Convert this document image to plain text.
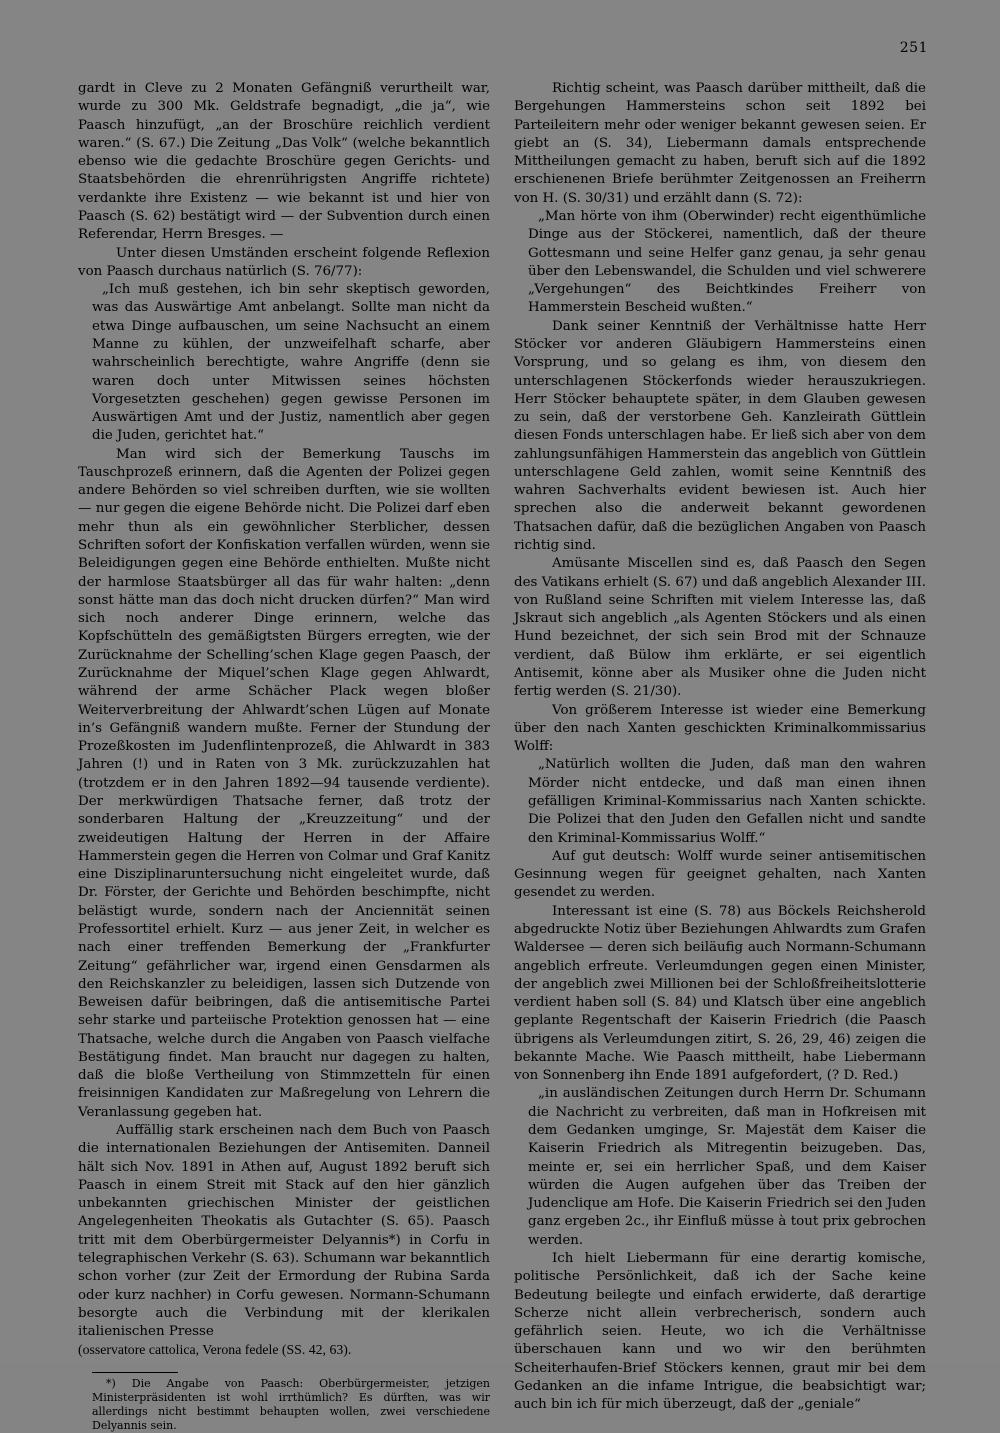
251

gardt in Cleve zu 2 Monaten Gefängniß verurtheilt war, wurde zu 300 Mk. Geldstrafe begnadigt, „die ja“, wie Paasch hinzufügt, „an der Broschüre reichlich verdient waren.“ (S. 67.) Die Zeitung „Das Volk“ (welche bekanntlich ebenso wie die gedachte Broschüre gegen Gerichts- und Staatsbehörden die ehrenrührigsten Angriffe richtete) verdankte ihre Existenz — wie bekannt ist und hier von Paasch (S. 62) bestätigt wird — der Subvention durch einen Referendar, Herrn Bresges. —

Unter diesen Umständen erscheint folgende Reflexion von Paasch durchaus natürlich (S. 76/77):

„Ich muß gestehen, ich bin sehr skeptisch geworden, was das Auswärtige Amt anbelangt. Sollte man nicht da etwa Dinge aufbauschen, um seine Nachsucht an einem Manne zu kühlen, der unzweifelhaft scharfe, aber wahrscheinlich berechtigte, wahre Angriffe (denn sie waren doch unter Mitwissen seines höchsten Vorgesetzten geschehen) gegen gewisse Personen im Auswärtigen Amt und der Justiz, namentlich aber gegen die Juden, gerichtet hat.“

Man wird sich der Bemerkung Tauschs im Tauschprozeß erinnern, daß die Agenten der Polizei gegen andere Behörden so viel schreiben durften, wie sie wollten — nur gegen die eigene Behörde nicht. Die Polizei darf eben mehr thun als ein gewöhnlicher Sterblicher, dessen Schriften sofort der Konfiskation verfallen würden, wenn sie Beleidigungen gegen eine Behörde enthielten. Mußte nicht der harmlose Staatsbürger all das für wahr halten: „denn sonst hätte man das doch nicht drucken dürfen?“ Man wird sich noch anderer Dinge erinnern, welche das Kopfschütteln des gemäßigtsten Bürgers erregten, wie der Zurücknahme der Schelling’schen Klage gegen Paasch, der Zurücknahme der Miquel’schen Klage gegen Ahlwardt, während der arme Schächer Plack wegen bloßer Weiterverbreitung der Ahlwardt’schen Lügen auf Monate in’s Gefängniß wandern mußte. Ferner der Stundung der Prozeßkosten im Judenflintenprozeß, die Ahlwardt in 383 Jahren (!) und in Raten von 3 Mk. zurückzuzahlen hat (trotzdem er in den Jahren 1892—94 tausende verdiente). Der merkwürdigen Thatsache ferner, daß trotz der sonderbaren Haltung der „Kreuzzeitung“ und der zweideutigen Haltung der Herren in der Affaire Hammerstein gegen die Herren von Colmar und Graf Kanitz eine Disziplinaruntersuchung nicht eingeleitet wurde, daß Dr. Förster, der Gerichte und Behörden beschimpfte, nicht belästigt wurde, sondern nach der Anciennität seinen Professortitel erhielt. Kurz — aus jener Zeit, in welcher es nach einer treffenden Bemerkung der „Frankfurter Zeitung“ gefährlicher war, irgend einen Gensdarmen als den Reichskanzler zu beleidigen, lassen sich Dutzende von Beweisen dafür beibringen, daß die antisemitische Partei sehr starke und parteiische Protektion genossen hat — eine Thatsache, welche durch die Angaben von Paasch vielfache Bestätigung findet. Man braucht nur dagegen zu halten, daß die bloße Vertheilung von Stimmzetteln für einen freisinnigen Kandidaten zur Maßregelung von Lehrern die Veranlassung gegeben hat.

Auffällig stark erscheinen nach dem Buch von Paasch die internationalen Beziehungen der Antisemiten. Danneil hält sich Nov. 1891 in Athen auf, August 1892 beruft sich Paasch in einem Streit mit Stack auf den hier gänzlich unbekannten griechischen Minister der geistlichen Angelegenheiten Theokatis als Gutachter (S. 65). Paasch tritt mit dem Oberbürgermeister Delyannis*) in Corfu in telegraphischen Verkehr (S. 63). Schumann war bekanntlich schon vorher (zur Zeit der Ermordung der Rubina Sarda oder kurz nachher) in Corfu gewesen. Normann-Schumann besorgte auch die Verbindung mit der klerikalen italienischen Presse

(osservatore cattolica, Verona fedele (SS. 42, 63).

*) Die Angabe von Paasch: Oberbürgermeister, jetzigen Ministerpräsidenten ist wohl irrthümlich? Es dürften, was wir allerdings nicht bestimmt behaupten wollen, zwei verschiedene Delyannis sein.

Richtig scheint, was Paasch darüber mittheilt, daß die Bergehungen Hammersteins schon seit 1892 bei Parteileitern mehr oder weniger bekannt gewesen seien. Er giebt an (S. 34), Liebermann damals entsprechende Mittheilungen gemacht zu haben, beruft sich auf die 1892 erschienenen Briefe berühmter Zeitgenossen an Freiherrn von H. (S. 30/31) und erzählt dann (S. 72):

„Man hörte von ihm (Oberwinder) recht eigenthümliche Dinge aus der Stöckerei, namentlich, daß der theure Gottesmann und seine Helfer ganz genau, ja sehr genau über den Lebenswandel, die Schulden und viel schwerere „Vergehungen“ des Beichtkindes Freiherr von Hammerstein Bescheid wußten.“

Dank seiner Kenntniß der Verhältnisse hatte Herr Stöcker vor anderen Gläubigern Hammersteins einen Vorsprung, und so gelang es ihm, von diesem den unterschlagenen Stöckerfonds wieder herauszukriegen. Herr Stöcker behauptete später, in dem Glauben gewesen zu sein, daß der verstorbene Geh. Kanzleirath Güttlein diesen Fonds unterschlagen habe. Er ließ sich aber von dem zahlungsunfähigen Hammerstein das angeblich von Güttlein unterschlagene Geld zahlen, womit seine Kenntniß des wahren Sachverhalts evident bewiesen ist. Auch hier sprechen also die anderweit bekannt gewordenen Thatsachen dafür, daß die bezüglichen Angaben von Paasch richtig sind.

Amüsante Miscellen sind es, daß Paasch den Segen des Vatikans erhielt (S. 67) und daß angeblich Alexander III. von Rußland seine Schriften mit vielem Interesse las, daß Jskraut sich angeblich „als Agenten Stöckers und als einen Hund bezeichnet, der sich sein Brod mit der Schnauze verdient, daß Bülow ihm erklärte, er sei eigentlich Antisemit, könne aber als Musiker ohne die Juden nicht fertig werden (S. 21/30).

Von größerem Interesse ist wieder eine Bemerkung über den nach Xanten geschickten Kriminalkommissarius Wolff:

„Natürlich wollten die Juden, daß man den wahren Mörder nicht entdecke, und daß man einen ihnen gefälligen Kriminal-Kommissarius nach Xanten schickte. Die Polizei that den Juden den Gefallen nicht und sandte den Kriminal-Kommissarius Wolff.“

Auf gut deutsch: Wolff wurde seiner antisemitischen Gesinnung wegen für geeignet gehalten, nach Xanten gesendet zu werden.

Interessant ist eine (S. 78) aus Böckels Reichsherold abgedruckte Notiz über Beziehungen Ahlwardts zum Grafen Waldersee — deren sich beiläufig auch Normann-Schumann angeblich erfreute. Verleumdungen gegen einen Minister, der angeblich zwei Millionen bei der Schloßfreiheitslotterie verdient haben soll (S. 84) und Klatsch über eine angeblich geplante Regentschaft der Kaiserin Friedrich (die Paasch übrigens als Verleumdungen zitirt, S. 26, 29, 46) zeigen die bekannte Mache. Wie Paasch mittheilt, habe Liebermann von Sonnenberg ihn Ende 1891 aufgefordert, (? D. Red.)

„in ausländischen Zeitungen durch Herrn Dr. Schumann die Nachricht zu verbreiten, daß man in Hofkreisen mit dem Gedanken umginge, Sr. Majestät dem Kaiser die Kaiserin Friedrich als Mitregentin beizugeben. Das, meinte er, sei ein herrlicher Spaß, und dem Kaiser würden die Augen aufgehen über das Treiben der Judenclique am Hofe. Die Kaiserin Friedrich sei den Juden ganz ergeben 2c., ihr Einfluß müsse à tout prix gebrochen werden.

Ich hielt Liebermann für eine derartig komische, politische Persönlichkeit, daß ich der Sache keine Bedeutung beilegte und einfach erwiderte, daß derartige Scherze nicht allein verbrecherisch, sondern auch gefährlich seien. Heute, wo ich die Verhältnisse überschauen kann und wo wir den berühmten Scheiterhaufen-Brief Stöckers kennen, graut mir bei dem Gedanken an die infame Intrigue, die beabsichtigt war; auch bin ich für mich überzeugt, daß der „geniale“
